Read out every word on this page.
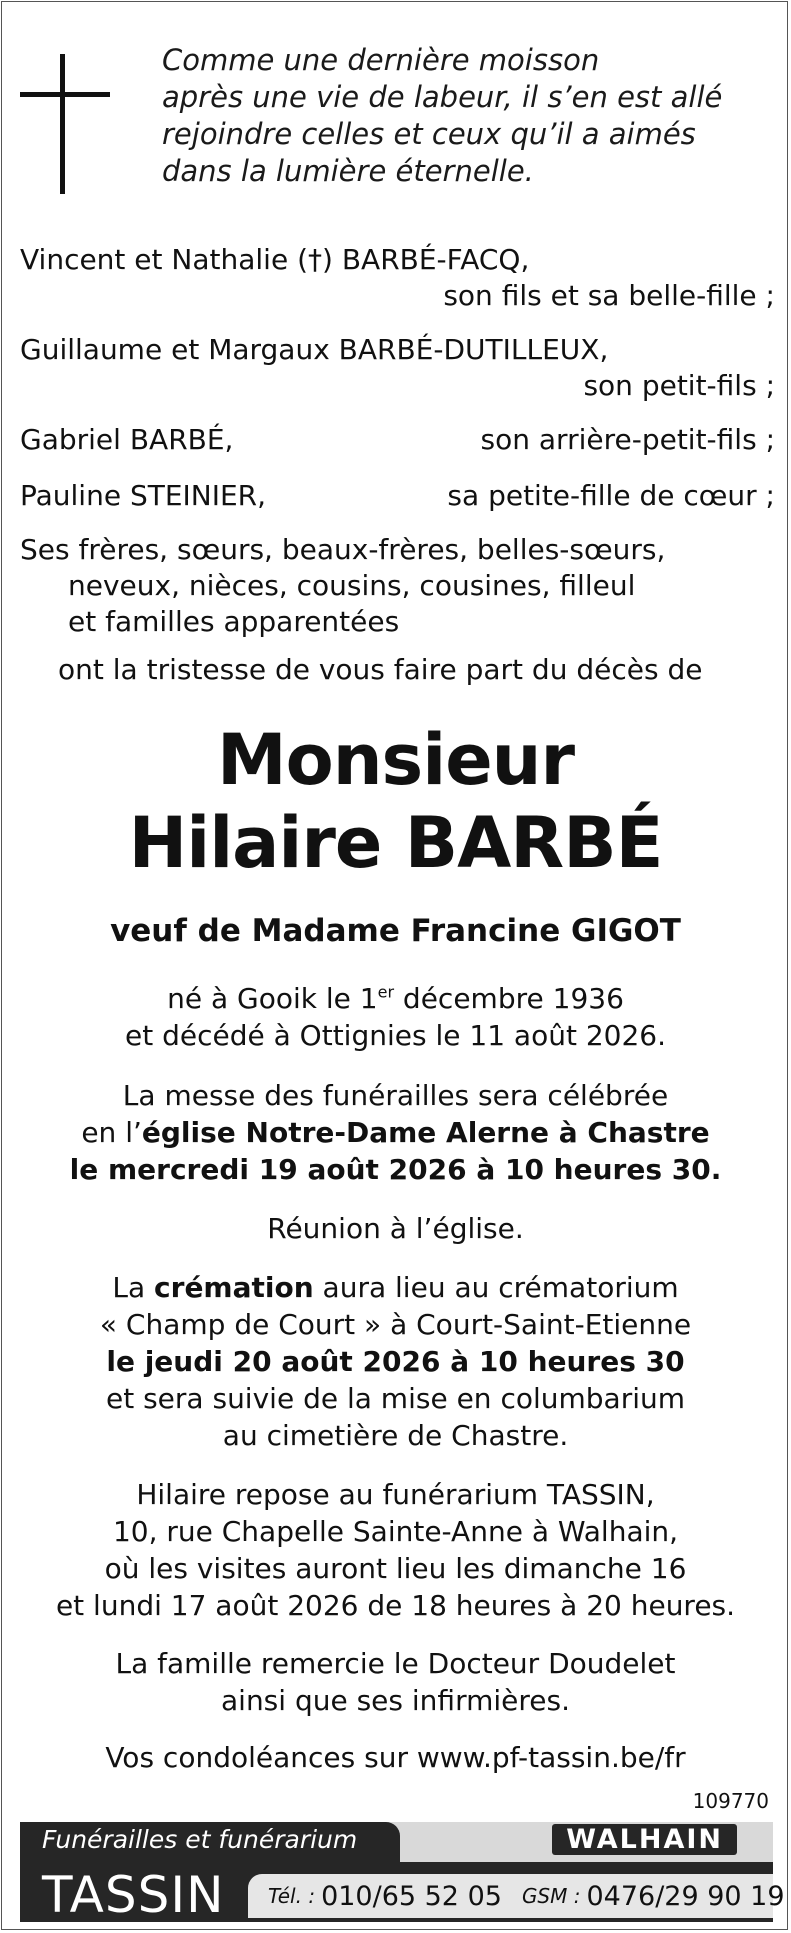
Comme une dernière moisson
après une vie de labeur, il s’en est allé
rejoindre celles et ceux qu’il a aimés
dans la lumière éternelle.
Vincent et Nathalie (†) BARBÉ-FACQ,
son fils et sa belle-fille ;
Guillaume et Margaux BARBÉ-DUTILLEUX,
son petit-fils ;
Gabriel BARBÉ,	son arrière-petit-fils ;
Pauline STEINIER,	sa petite-fille de cœur ;
Ses frères, sœurs, beaux-frères, belles-sœurs,
neveux, nièces, cousins, cousines, filleul
et familles apparentées
ont la tristesse de vous faire part du décès de
Monsieur
Hilaire BARBÉ
veuf de Madame Francine GIGOT
né à Gooik le 1er décembre 1936
et décédé à Ottignies le 11 août 2026.
La messe des funérailles sera célébrée
en l’église Notre-Dame Alerne à Chastre
le mercredi 19 août 2026 à 10 heures 30.
Réunion à l’église.
La crémation aura lieu au crématorium
« Champ de Court » à Court-Saint-Etienne
le jeudi 20 août 2026 à 10 heures 30
et sera suivie de la mise en columbarium
au cimetière de Chastre.
Hilaire repose au funérarium TASSIN,
10, rue Chapelle Sainte-Anne à Walhain,
où les visites auront lieu les dimanche 16
et lundi 17 août 2026 de 18 heures à 20 heures.
La famille remercie le Docteur Doudelet
ainsi que ses infirmières.
Vos condoléances sur www.pf-tassin.be/fr
109770
Funérailles et funérarium	WALHAIN
TASSIN Tél. : 010/65 52 05 GSM : 0476/29 90 19
